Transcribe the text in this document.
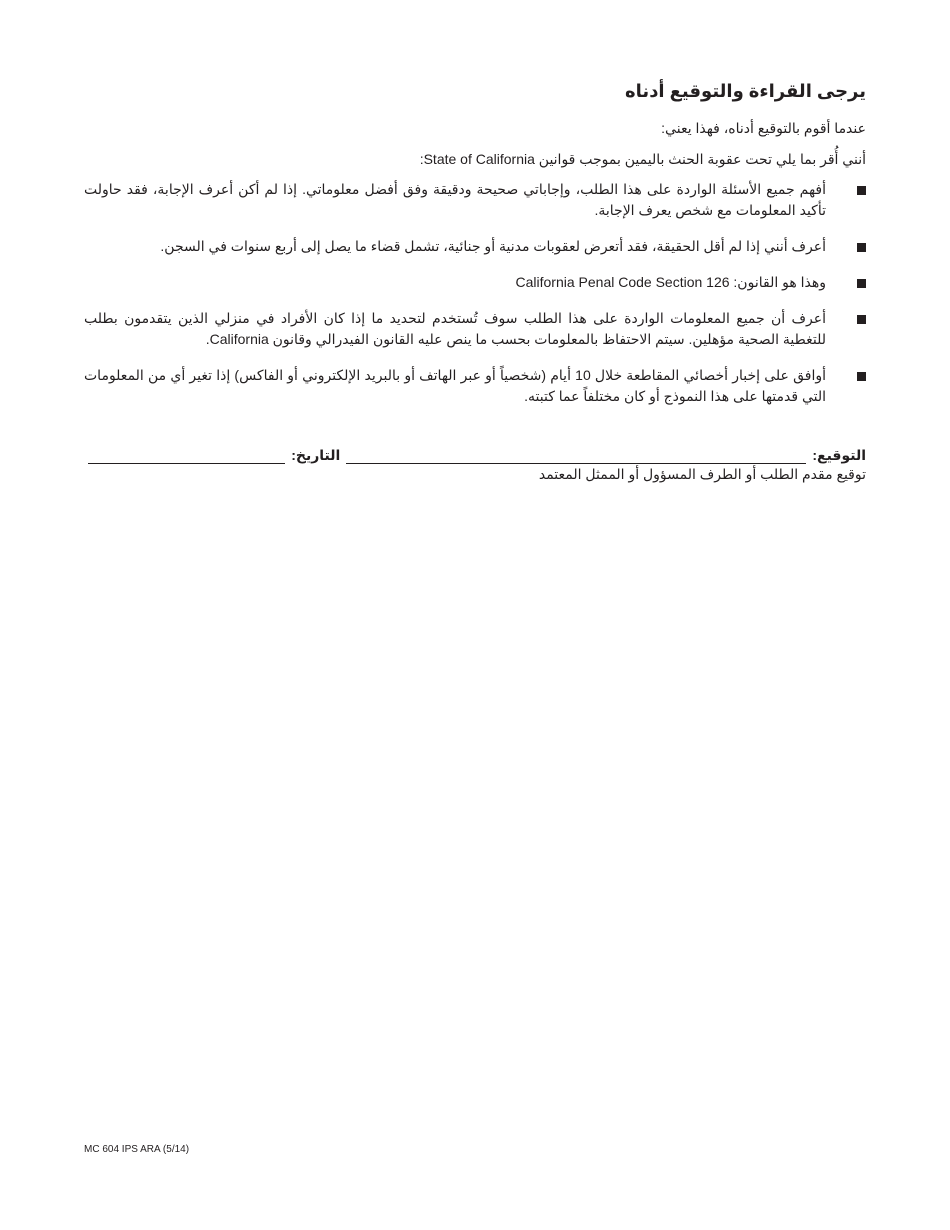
يرجى القراءة والتوقيع أدناه

عندما أقوم بالتوقيع أدناه، فهذا يعني:

أنني أُقر بما يلي تحت عقوبة الحنث باليمين بموجب قوانين State of California:

أفهم جميع الأسئلة الواردة على هذا الطلب، وإجاباتي صحيحة ودقيقة وفق أفضل معلوماتي. إذا لم أكن أعرف الإجابة، فقد حاولت تأكيد المعلومات مع شخص يعرف الإجابة.
أعرف أنني إذا لم أقل الحقيقة، فقد أتعرض لعقوبات مدنية أو جنائية، تشمل قضاء ما يصل إلى أربع سنوات في السجن.
وهذا هو القانون: California Penal Code Section 126
أعرف أن جميع المعلومات الواردة على هذا الطلب سوف تُستخدم لتحديد ما إذا كان الأفراد في منزلي الذين يتقدمون بطلب للتغطية الصحية مؤهلين. سيتم الاحتفاظ بالمعلومات بحسب ما ينص عليه القانون الفيدرالي وقانون California.
أوافق على إخبار أخصائي المقاطعة خلال 10 أيام (شخصياً أو عبر الهاتف أو بالبريد الإلكتروني أو الفاكس) إذا تغير أي من المعلومات التي قدمتها على هذا النموذج أو كان مختلفاً عما كتبته.
التوقيع:
التاريخ:
توقيع مقدم الطلب أو الطرف المسؤول أو الممثل المعتمد
MC 604 IPS ARA (5/14)
